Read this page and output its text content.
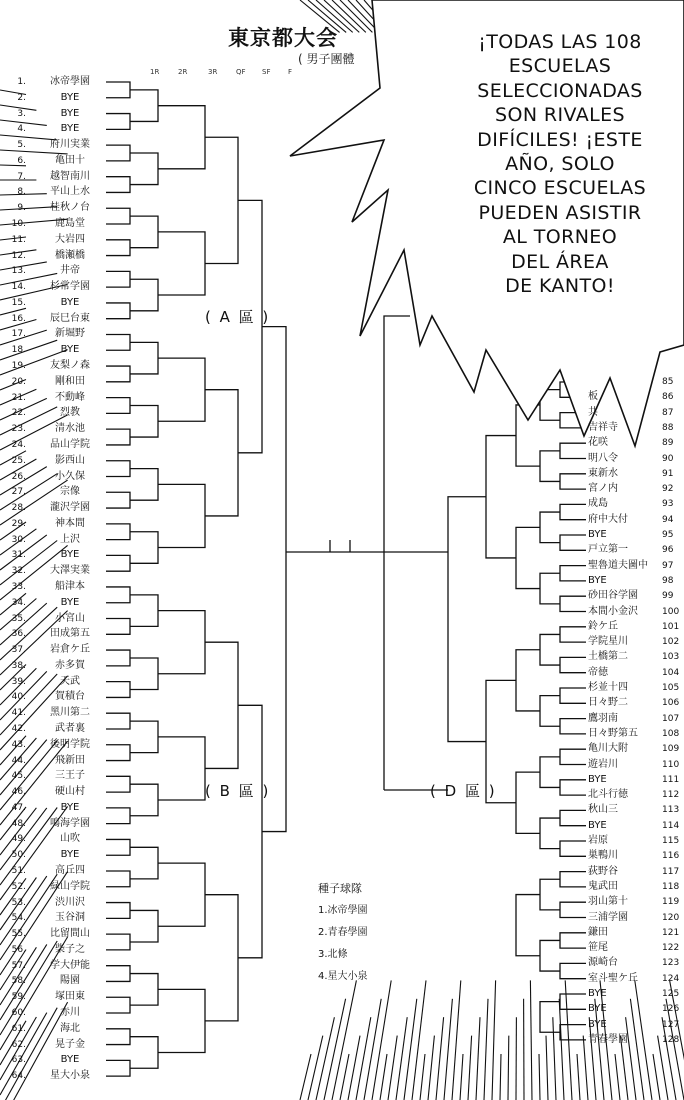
東京都大会
( 男子團體
1R	2R	3R	QF SF	F
1. 冰帝學園
2.	BYE
3.	BYE
4.	BYE
5. 府川実業
6.	亀田十
7. 越智南川
8. 平山上水
9. 桂秋ノ台
10.	鹿島堂
11.	大岩四
12.	橋瀬橋
13.	井帝
14. 杉常学園
15.	BYE
16. 辰巳台東
17.	新堀野
18.	BYE
19. 友梨ノ森
20.	剛和田
21.	不動峰
22.	烈教
23.	清水池
24. 品山学院
25.	影西山
26.	小久保
27.	宗像
28. 瀧沢学園
29.	神本間
30.	上沢
31.	BYE
32. 大澤実業
33.	船津本
34.	BYE
35.	小宮山
36. 田成第五
37. 岩倉ケ丘
38.	赤多賀
39.	天武
40.	賀積台
41. 黑川第二
42.	武者裏
43. 後明学院
44.	飛新田
45.	三王子
46.	硬山村
47.	BYE
48. 鳴海学園
49.	山吹
50.	BYE
51.	高丘四
52. 緑山学院
53.	渋川沢
54.	玉谷洞
55. 比留間山
56.	柴子之
57. 学大伊能
58.	陽園
59.	塚田東
60.	赤川
61.	海北
62.	晃子金
63.	BYE
64. 星大小泉
85
板	86
共	87
吉祥寺	88
花咲	89
明八令	90
東新水	91
宮ノ内	92
成島	93
府中大付	94
BYE	95
戸立第一	96
聖魯道夫圖中 97
BYE	98
砂田谷学園	99
本間小金沢	100
鈴ケ丘	101
学院星川	102
土橋第二	103
帝徳	104
杉並十四	105
日々野二	106
鷹羽南	107
日々野第五	108
亀川大附	109
遊岩川	110
BYE	111
北斗行徳	112
秋山三	113
BYE	114
岩原	115
巣鴨川	116
荻野谷	117
鬼武田	118
羽山第十	119
三浦学園	120
鎌田	121
笹尾	122
源崎台	123
室斗聖ケ丘	124
BYE	125
BYE	126
BYE	127
青春學園	128
( A 區 )
( B 區 )	( D 區 )
種子球隊
1.冰帝學園
2.青春學園
3.北條
4.星大小泉
¡TODAS LAS 108
ESCUELAS
SELECCIONADAS
SON RIVALES
DIFÍCILES! ¡ESTE
AÑO, SOLO
CINCO ESCUELAS
PUEDEN ASISTIR
AL TORNEO
DEL ÁREA
DE KANTO!
